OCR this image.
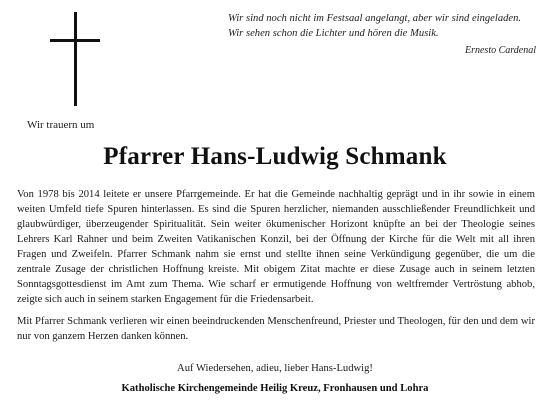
Wir sind noch nicht im Festsaal angelangt, aber wir sind eingeladen.
Wir sehen schon die Lichter und hören die Musik.
Ernesto Cardenal
Wir trauern um
Pfarrer Hans-Ludwig Schmank

Von 1978 bis 2014 leitete er unsere Pfarrgemeinde. Er hat die Gemeinde nachhaltig geprägt und in ihr sowie in einem weiten Umfeld tiefe Spuren hinterlassen. Es sind die Spuren herzlicher, niemanden ausschließender Freundlichkeit und glaubwürdiger, überzeugender Spiritualität. Sein weiter ökumenischer Horizont knüpfte an bei der Theologie seines Lehrers Karl Rahner und beim Zweiten Vatikanischen Konzil, bei der Öffnung der Kirche für die Welt mit all ihren Fragen und Zweifeln. Pfarrer Schmank nahm sie ernst und stellte ihnen seine Verkündigung gegenüber, die um die zentrale Zusage der christlichen Hoffnung kreiste. Mit obigem Zitat machte er diese Zusage auch in seinem letzten Sonntagsgottesdienst im Amt zum Thema. Wie scharf er ermutigende Hoffnung von weltfremder Vertröstung abhob, zeigte sich auch in seinem starken Engagement für die Friedensarbeit.

Mit Pfarrer Schmank verlieren wir einen beeindruckenden Menschenfreund, Priester und Theologen, für den und dem wir nur von ganzem Herzen danken können.

Auf Wiedersehen, adieu, lieber Hans-Ludwig!
Katholische Kirchengemeinde Heilig Kreuz, Fronhausen und Lohra
